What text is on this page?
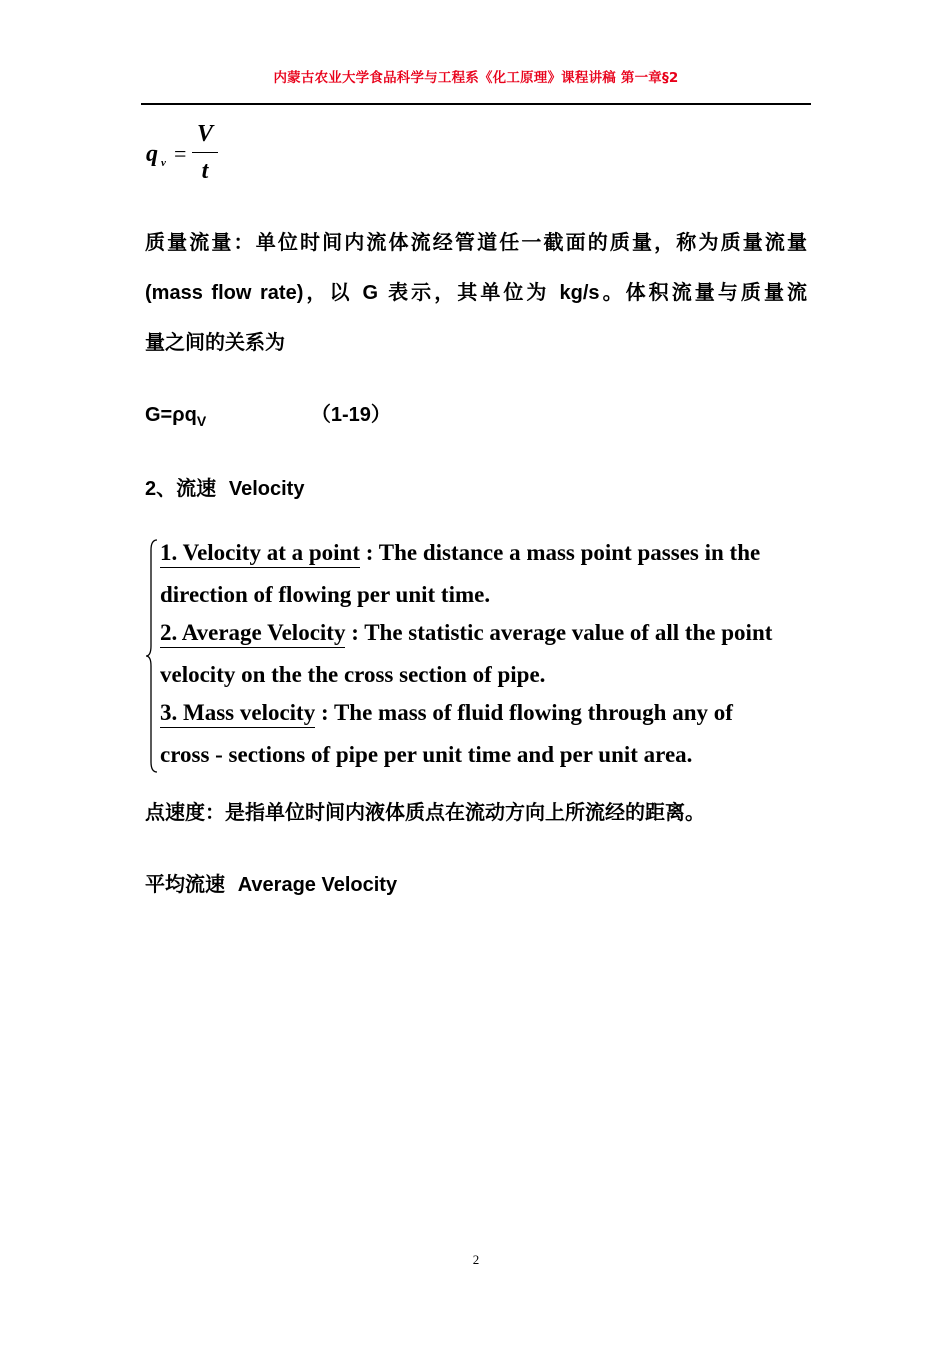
内蒙古农业大学食品科学与工程系《化工原理》课程讲稿 第一章§2
q v =
V
t
质量流量：单位时间内流体流经管道任一截面的质量，称为质量流量
(mass flow rate)，以 G 表示，其单位为 kg/s。体积流量与质量流
量之间的关系为
$G=\rho q_V$	（1-19）
2、流速 Velocity
1. Velocity at a point : The distance a mass point passes in the
direction of flowing per unit time.
2. Average Velocity : The statistic average value of all the point
velocity on the the cross section of pipe.
3. Mass velocity : The mass of fluid flowing through any of
cross - sections of pipe per unit time and per unit area.
点速度：是指单位时间内液体质点在流动方向上所流经的距离。
平均流速 Average Velocity
2
